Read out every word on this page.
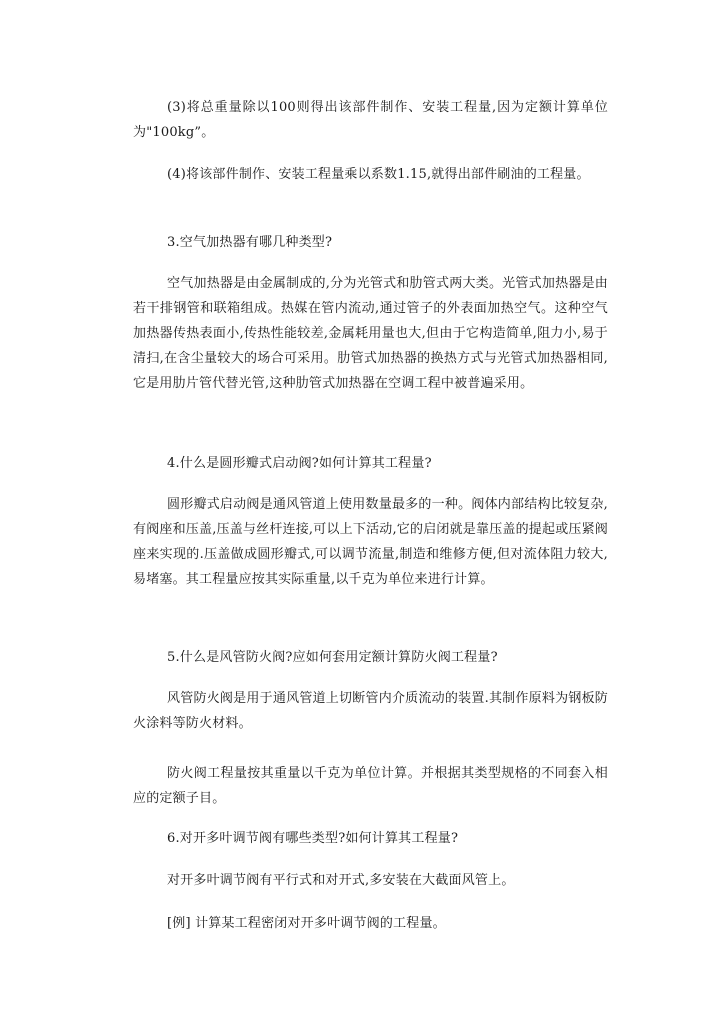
(3)将总重量除以100则得出该部件制作、安装工程量,因为定额计算单位为"100kg”。

(4)将该部件制作、安装工程量乘以系数1.15,就得出部件刷油的工程量。

3.空气加热器有哪几种类型?

空气加热器是由金属制成的,分为光管式和肋管式两大类。光管式加热器是由若干排钢管和联箱组成。热媒在管内流动,通过管子的外表面加热空气。这种空气加热器传热表面小,传热性能较差,金属耗用量也大,但由于它构造简单,阻力小,易于清扫,在含尘量较大的场合可采用。肋管式加热器的换热方式与光管式加热器相同,它是用肋片管代替光管,这种肋管式加热器在空调工程中被普遍采用。

4.什么是圆形瓣式启动阀?如何计算其工程量?

圆形瓣式启动阀是通风管道上使用数量最多的一种。阀体内部结构比较复杂,有阀座和压盖,压盖与丝杆连接,可以上下活动,它的启闭就是靠压盖的提起或压紧阀座来实现的.压盖做成圆形瓣式,可以调节流量,制造和维修方便,但对流体阻力较大,易堵塞。其工程量应按其实际重量,以千克为单位来进行计算。

5.什么是风管防火阀?应如何套用定额计算防火阀工程量?

风管防火阀是用于通风管道上切断管内介质流动的装置.其制作原料为钢板防火涂料等防火材料。

防火阀工程量按其重量以千克为单位计算。并根据其类型规格的不同套入相应的定额子目。

6.对开多叶调节阀有哪些类型?如何计算其工程量?

对开多叶调节阀有平行式和对开式,多安装在大截面风管上。

[例] 计算某工程密闭对开多叶调节阀的工程量。
